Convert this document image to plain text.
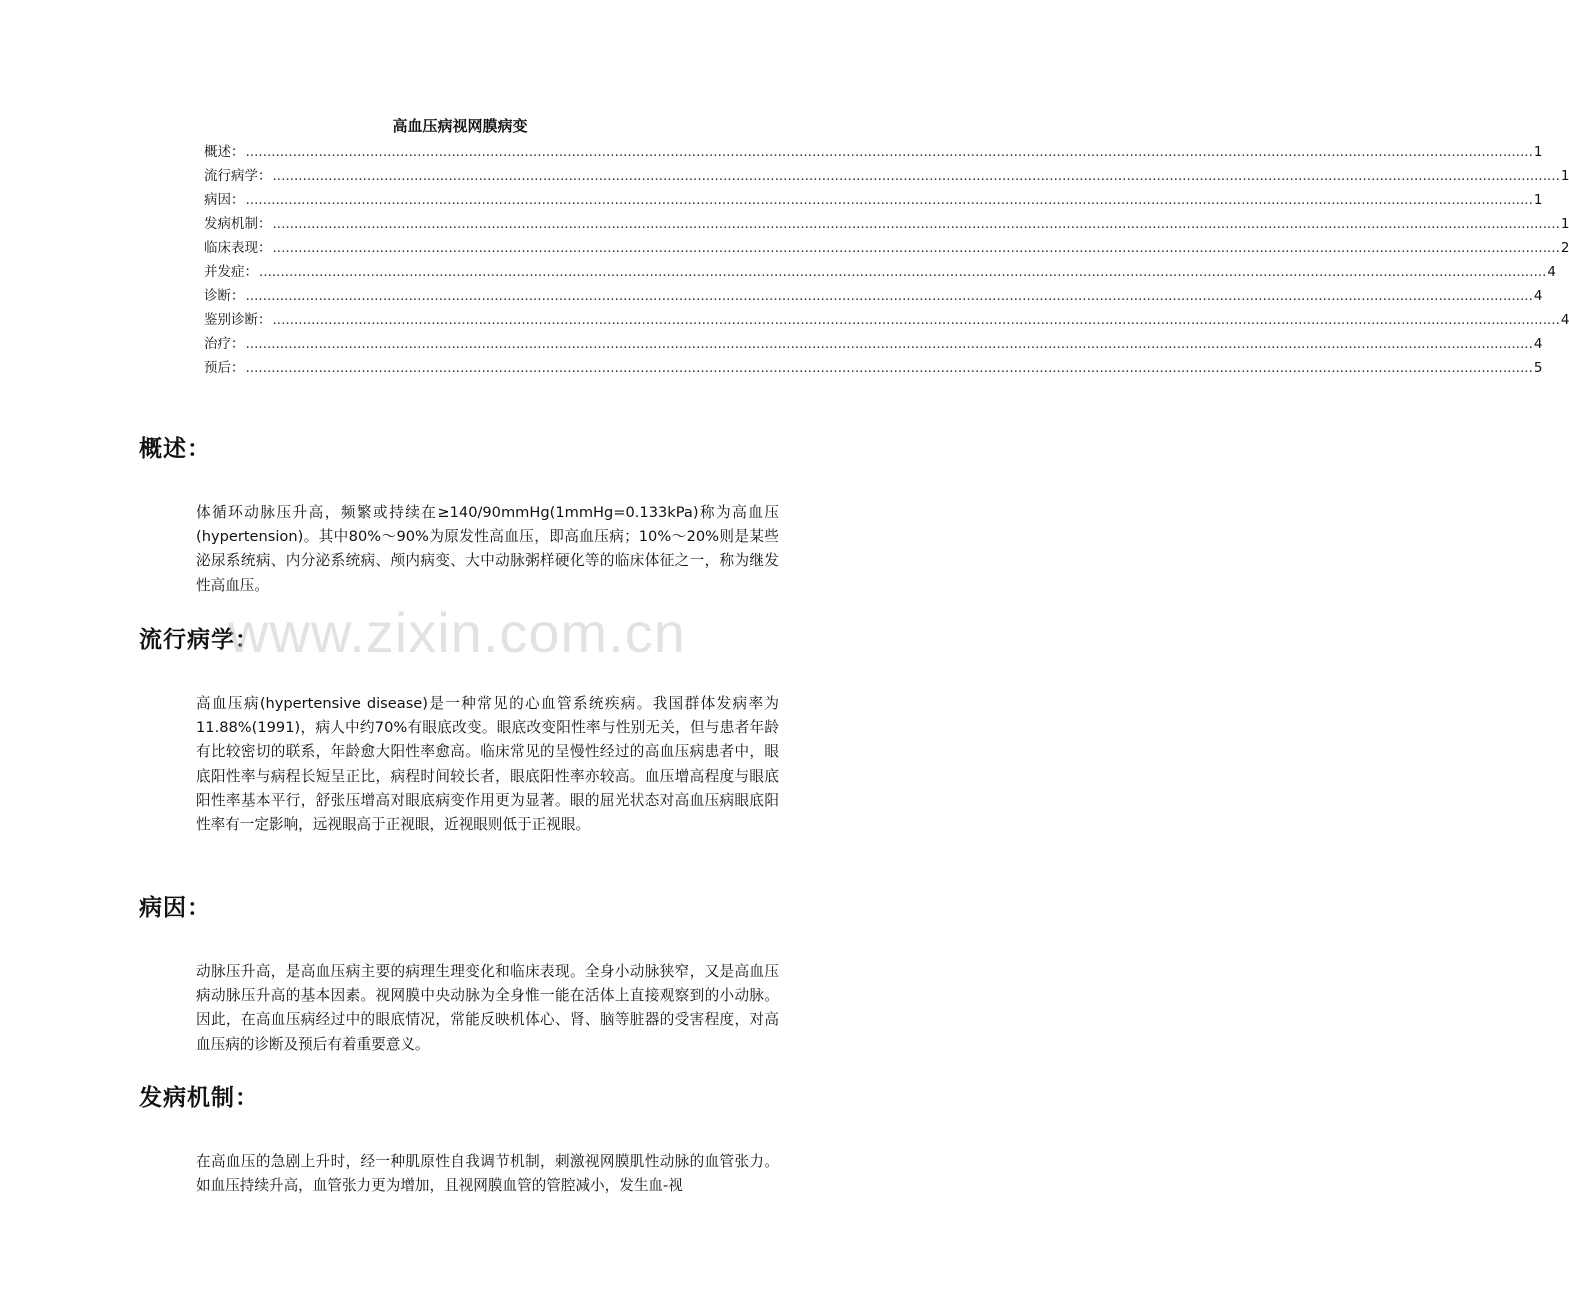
高血压病视网膜病变
概述： ............................................................................................................................................................................................................................................................................................................ 1
流行病学： ............................................................................................................................................................................................................................................................................................................ 1
病因： ............................................................................................................................................................................................................................................................................................................ 1
发病机制： ............................................................................................................................................................................................................................................................................................................ 1
临床表现： ............................................................................................................................................................................................................................................................................................................ 2
并发症： ............................................................................................................................................................................................................................................................................................................ 4
诊断： ............................................................................................................................................................................................................................................................................................................ 4
鉴别诊断： ............................................................................................................................................................................................................................................................................................................ 4
治疗： ............................................................................................................................................................................................................................................................................................................ 4
预后： ............................................................................................................................................................................................................................................................................................................ 5
概述：

体循环动脉压升高，频繁或持续在≥140/90mmHg(1mmHg=0.133kPa)称为高血压(hypertension)。其中80%～90%为原发性高血压，即高血压病；10%～20%则是某些泌尿系统病、内分泌系统病、颅内病变、大中动脉粥样硬化等的临床体征之一，称为继发性高血压。

流行病学：

高血压病(hypertensive disease)是一种常见的心血管系统疾病。我国群体发病率为11.88%(1991)，病人中约70%有眼底改变。眼底改变阳性率与性别无关，但与患者年龄有比较密切的联系，年龄愈大阳性率愈高。临床常见的呈慢性经过的高血压病患者中，眼底阳性率与病程长短呈正比，病程时间较长者，眼底阳性率亦较高。血压增高程度与眼底阳性率基本平行，舒张压增高对眼底病变作用更为显著。眼的屈光状态对高血压病眼底阳性率有一定影响，远视眼高于正视眼，近视眼则低于正视眼。

病因：

动脉压升高，是高血压病主要的病理生理变化和临床表现。全身小动脉狭窄，又是高血压病动脉压升高的基本因素。视网膜中央动脉为全身惟一能在活体上直接观察到的小动脉。因此，在高血压病经过中的眼底情况，常能反映机体心、肾、脑等脏器的受害程度，对高血压病的诊断及预后有着重要意义。

发病机制：

在高血压的急剧上升时，经一种肌原性自我调节机制，刺激视网膜肌性动脉的血管张力。如血压持续升高，血管张力更为增加，且视网膜血管的管腔减小，发生血-视

www.zixin.com.cn
